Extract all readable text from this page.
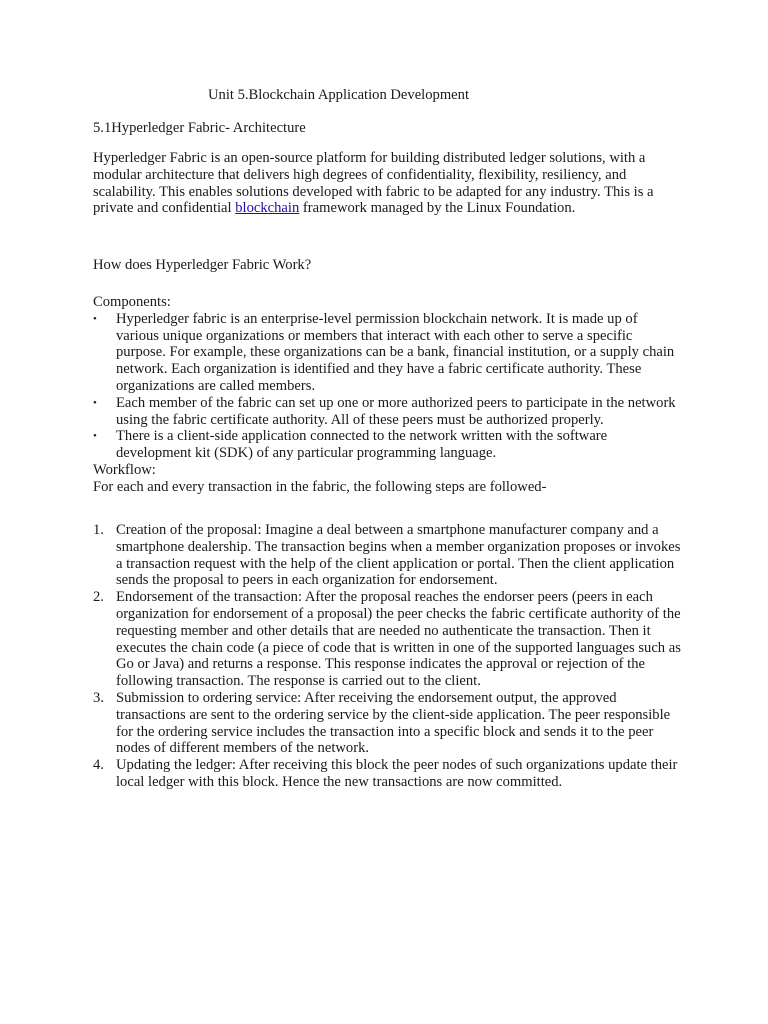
Unit 5.Blockchain Application Development
5.1Hyperledger Fabric- Architecture

Hyperledger Fabric is an open-source platform for building distributed ledger solutions, with a modular architecture that delivers high degrees of confidentiality, flexibility, resiliency, and scalability. This enables solutions developed with fabric to be adapted for any industry. This is a private and confidential blockchain framework managed by the Linux Foundation.

How does Hyperledger Fabric Work?

Components:

• Hyperledger fabric is an enterprise-level permission blockchain network. It is made up of various unique organizations or members that interact with each other to serve a specific purpose. For example, these organizations can be a bank, financial institution, or a supply chain network. Each organization is identified and they have a fabric certificate authority. These organizations are called members.
• Each member of the fabric can set up one or more authorized peers to participate in the network using the fabric certificate authority. All of these peers must be authorized properly.
• There is a client-side application connected to the network written with the software development kit (SDK) of any particular programming language.

Workflow:

For each and every transaction in the fabric, the following steps are followed-

1. Creation of the proposal: Imagine a deal between a smartphone manufacturer company and a smartphone dealership. The transaction begins when a member organization proposes or invokes a transaction request with the help of the client application or portal. Then the client application sends the proposal to peers in each organization for endorsement.
2. Endorsement of the transaction: After the proposal reaches the endorser peers (peers in each organization for endorsement of a proposal) the peer checks the fabric certificate authority of the requesting member and other details that are needed no authenticate the transaction. Then it executes the chain code (a piece of code that is written in one of the supported languages such as Go or Java) and returns a response. This response indicates the approval or rejection of the following transaction. The response is carried out to the client.
3. Submission to ordering service: After receiving the endorsement output, the approved transactions are sent to the ordering service by the client-side application. The peer responsible for the ordering service includes the transaction into a specific block and sends it to the peer nodes of different members of the network.
4. Updating the ledger: After receiving this block the peer nodes of such organizations update their local ledger with this block. Hence the new transactions are now committed.
